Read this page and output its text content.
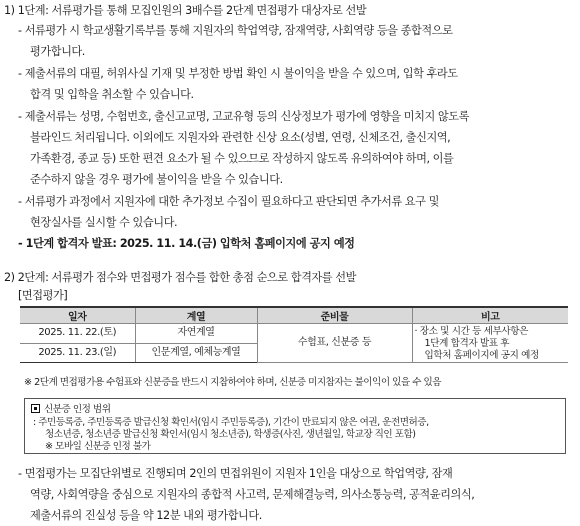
1) 1단계: 서류평가를 통해 모집인원의 3배수를 2단계 면접평가 대상자로 선발
- 서류평가 시 학교생활기록부를 통해 지원자의 학업역량, 잠재역량, 사회역량 등을 종합적으로
평가합니다.
- 제출서류의 대필, 허위사실 기재 및 부정한 방법 확인 시 불이익을 받을 수 있으며, 입학 후라도
합격 및 입학을 취소할 수 있습니다.
- 제출서류는 성명, 수험번호, 출신고교명, 고교유형 등의 신상정보가 평가에 영향을 미치지 않도록
블라인드 처리됩니다. 이외에도 지원자와 관련한 신상 요소(성별, 연령, 신체조건, 출신지역,
가족환경, 종교 등) 또한 편견 요소가 될 수 있으므로 작성하지 않도록 유의하여야 하며, 이를
준수하지 않을 경우 평가에 불이익을 받을 수 있습니다.
- 서류평가 과정에서 지원자에 대한 추가정보 수집이 필요하다고 판단되면 추가서류 요구 및
현장실사를 실시할 수 있습니다.
- 1단계 합격자 발표: 2025. 11. 14.(금) 입학처 홈페이지에 공지 예정
2) 2단계: 서류평가 점수와 면접평가 점수를 합한 총점 순으로 합격자를 선발
[면접평가]
일자	계열	준비물	비고
2025. 11. 22.(토)	자연계열	수험표, 신분증 등	· 장소 및 시간 등 세부사항은
1단계 합격자 발표 후
입학처 홈페이지에 공지 예정

2025. 11. 23.(일)	인문계열, 예체능계열		
※ 2단계 면접평가용 수험표와 신분증을 반드시 지참하여야 하며, 신분증 미지참자는 불이익이 있을 수 있음
신분증 인정 범위
: 주민등록증, 주민등록증 발급신청 확인서(임시 주민등록증), 기간이 만료되지 않은 여권, 운전면허증,
청소년증, 청소년증 발급신청 확인서(임시 청소년증), 학생증(사진, 생년월일, 학교장 직인 포함)
※ 모바일 신분증 인정 불가
- 면접평가는 모집단위별로 진행되며 2인의 면접위원이 지원자 1인을 대상으로 학업역량, 잠재
역량, 사회역량을 중심으로 지원자의 종합적 사고력, 문제해결능력, 의사소통능력, 공적윤리의식,
제출서류의 진실성 등을 약 12분 내외 평가합니다.
